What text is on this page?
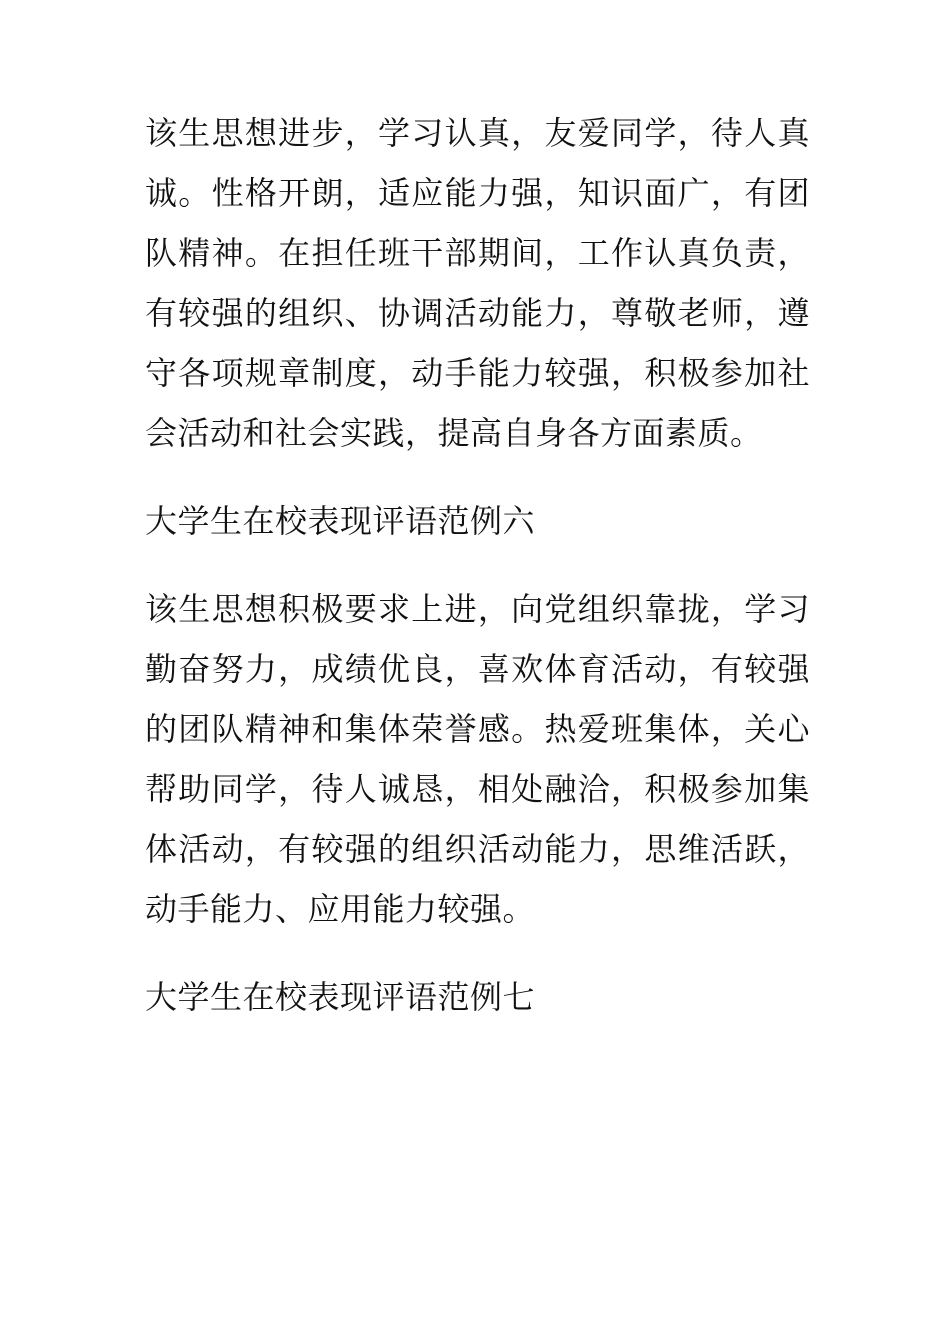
该生思想进步，学习认真，友爱同学，待人真诚。性格开朗，适应能力强，知识面广，有团队精神。在担任班干部期间，工作认真负责，有较强的组织、协调活动能力，尊敬老师，遵守各项规章制度，动手能力较强，积极参加社会活动和社会实践，提高自身各方面素质。

大学生在校表现评语范例六

该生思想积极要求上进，向党组织靠拢，学习勤奋努力，成绩优良，喜欢体育活动，有较强的团队精神和集体荣誉感。热爱班集体，关心帮助同学，待人诚恳，相处融洽，积极参加集体活动，有较强的组织活动能力，思维活跃，动手能力、应用能力较强。

大学生在校表现评语范例七
